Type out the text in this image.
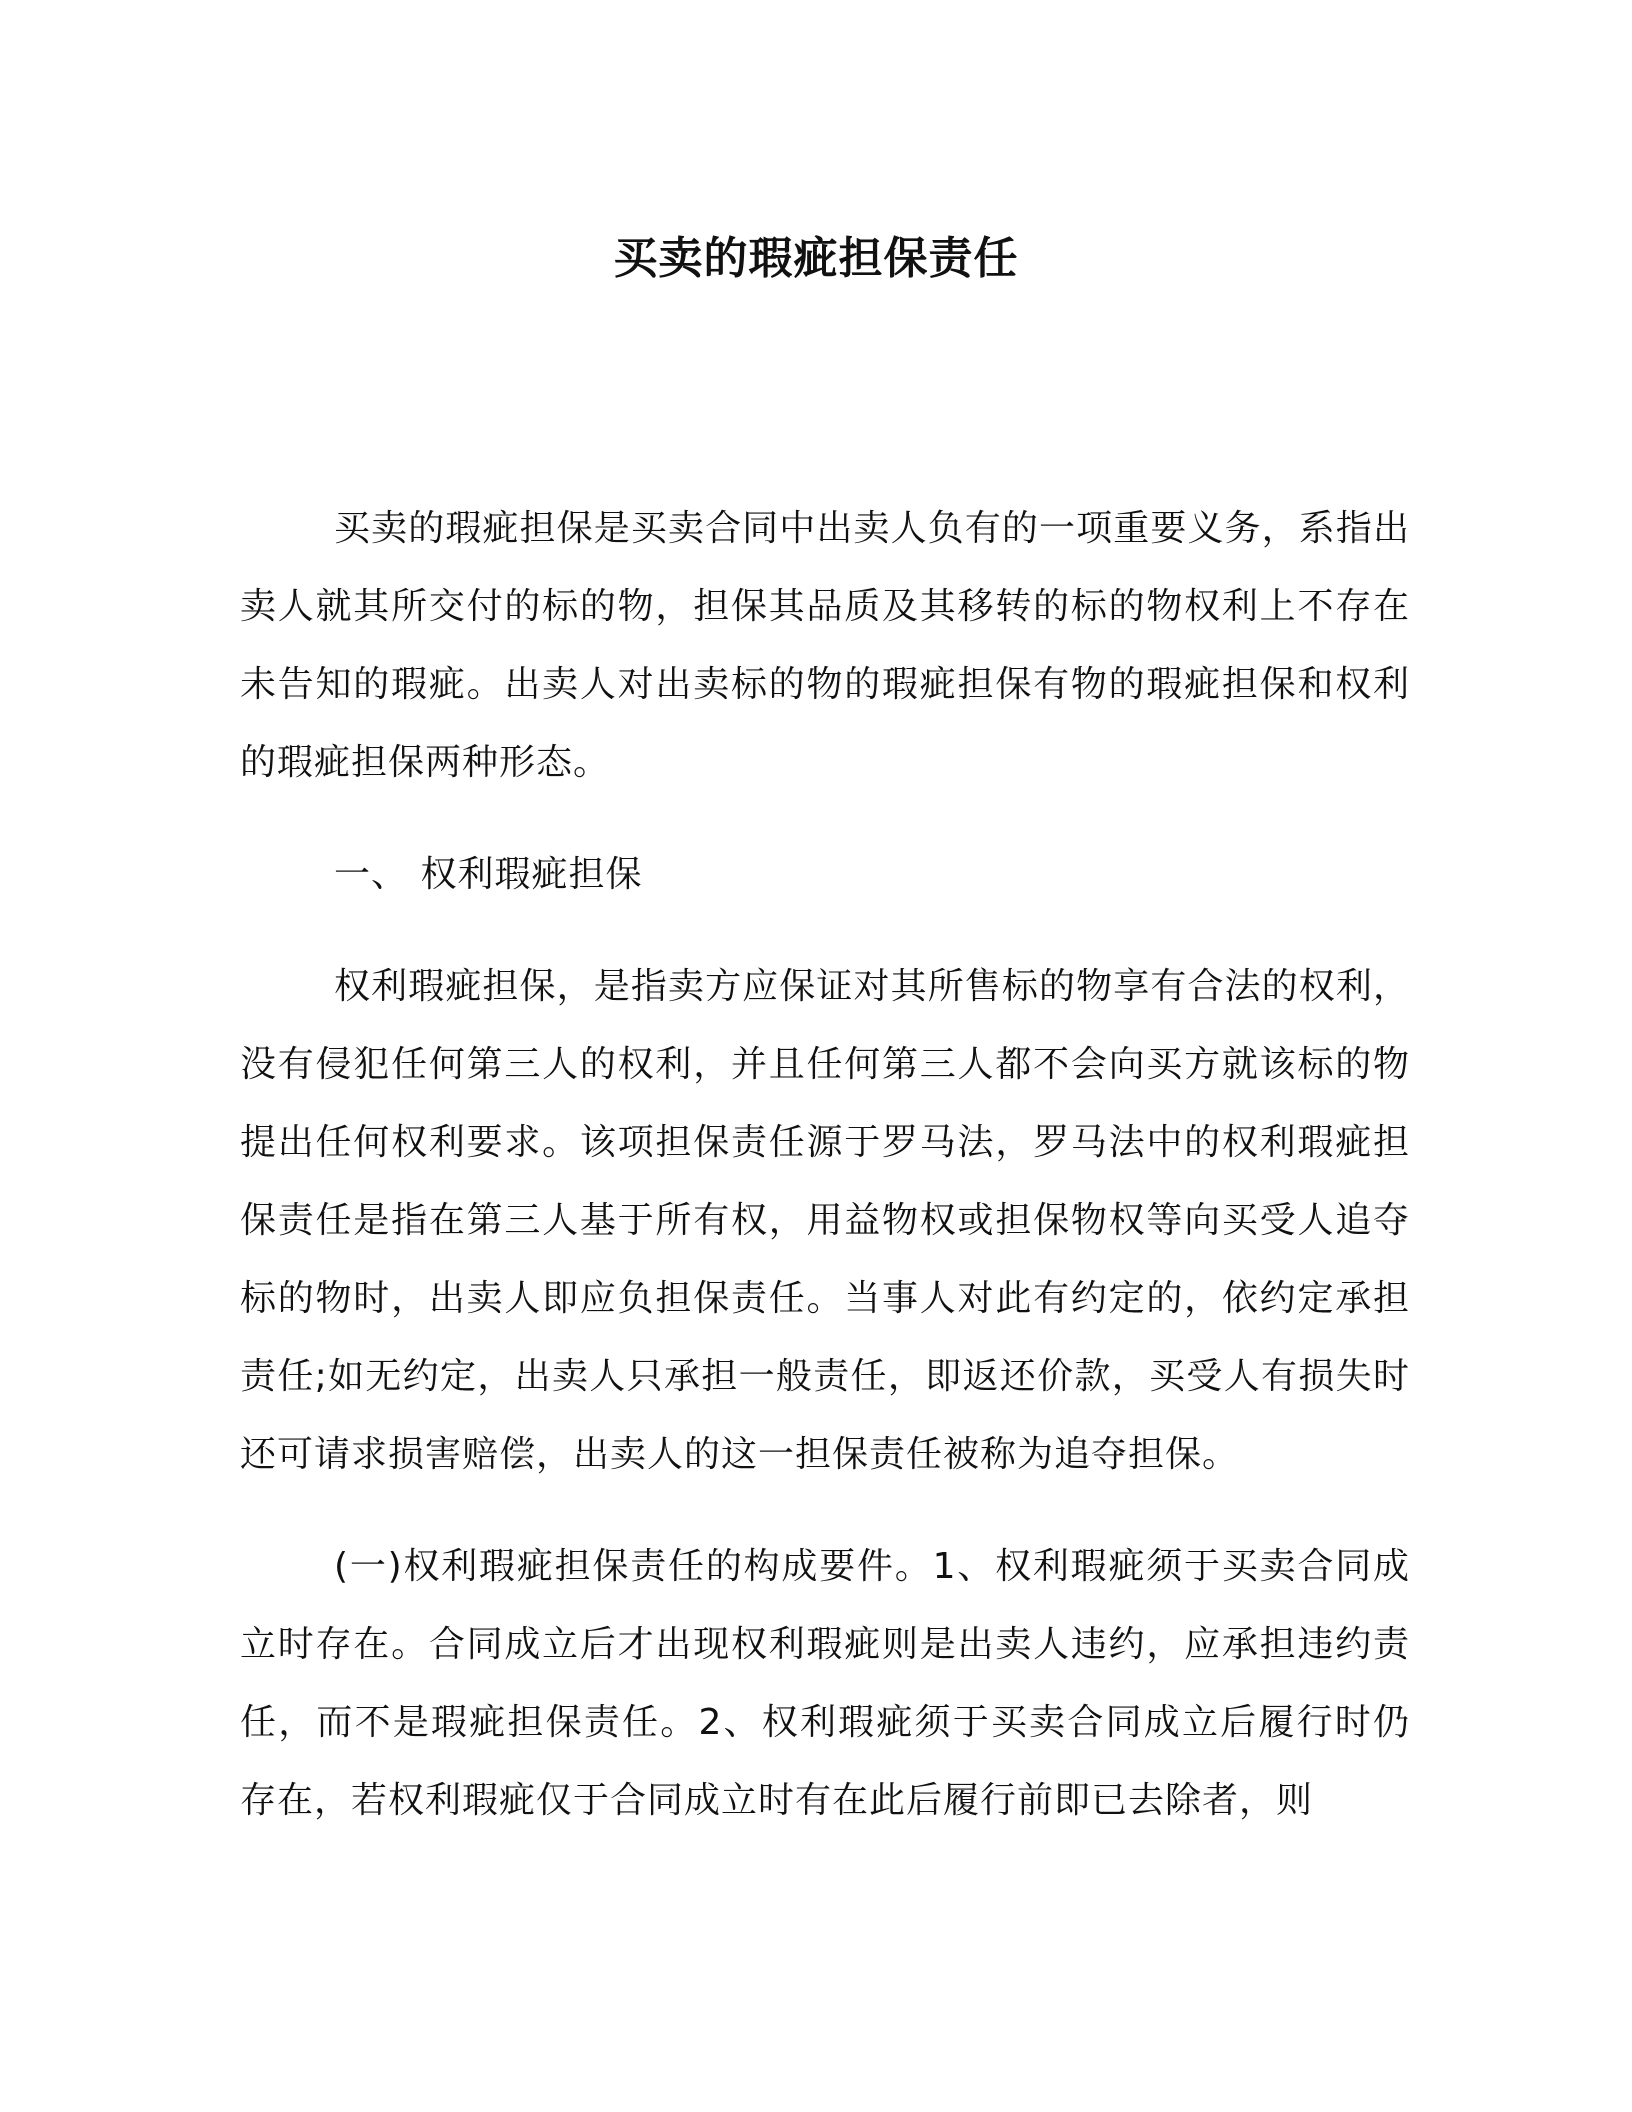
买卖的瑕疵担保责任

买卖的瑕疵担保是买卖合同中出卖人负有的一项重要义务，系指出卖人就其所交付的标的物，担保其品质及其移转的标的物权利上不存在未告知的瑕疵。出卖人对出卖标的物的瑕疵担保有物的瑕疵担保和权利的瑕疵担保两种形态。

一、 权利瑕疵担保

权利瑕疵担保，是指卖方应保证对其所售标的物享有合法的权利，没有侵犯任何第三人的权利，并且任何第三人都不会向买方就该标的物提出任何权利要求。该项担保责任源于罗马法，罗马法中的权利瑕疵担保责任是指在第三人基于所有权，用益物权或担保物权等向买受人追夺标的物时，出卖人即应负担保责任。当事人对此有约定的，依约定承担责任;如无约定，出卖人只承担一般责任，即返还价款，买受人有损失时还可请求损害赔偿，出卖人的这一担保责任被称为追夺担保。

(一)权利瑕疵担保责任的构成要件。1、权利瑕疵须于买卖合同成立时存在。合同成立后才出现权利瑕疵则是出卖人违约，应承担违约责任，而不是瑕疵担保责任。2、权利瑕疵须于买卖合同成立后履行时仍存在，若权利瑕疵仅于合同成立时有在此后履行前即已去除者，则
